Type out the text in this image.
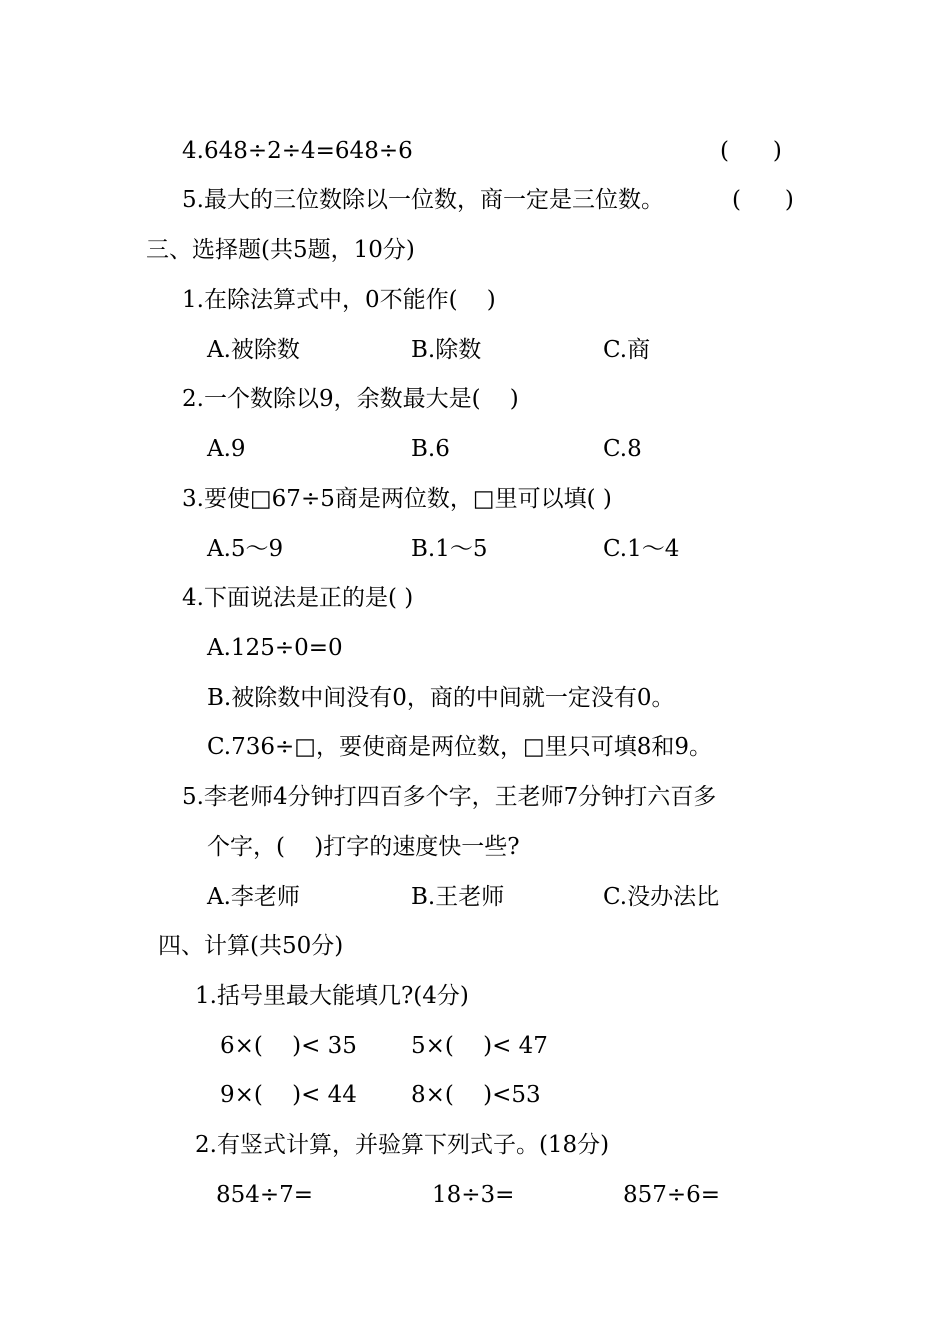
4.648÷2÷4=648÷6	(      )
5.最大的三位数除以一位数，商一定是三位数。	(      )
三、选择题(共5题，10分)
1.在除法算式中，0不能作(    )
A.被除数	B.除数	C.商
2.一个数除以9，余数最大是(    )
A.9	B.6	C.8
3.要使□67÷5商是两位数，□里可以填( )
A.5～9	B.1～5	C.1～4
4.下面说法是正的是( )
A.125÷0=0
B.被除数中间没有0，商的中间就一定没有0。
C.736÷□，要使商是两位数，□里只可填8和9。
5.李老师4分钟打四百多个字，王老师7分钟打六百多
个字，(    )打字的速度快一些?
A.李老师	B.王老师	C.没办法比
四、计算(共50分)
1.括号里最大能填几?(4分)
6×(    )< 35 5×(    )< 47
9×(    )< 44 8×(    )<53
2.有竖式计算，并验算下列式子。(18分)
854÷7=	18÷3=	857÷6=
